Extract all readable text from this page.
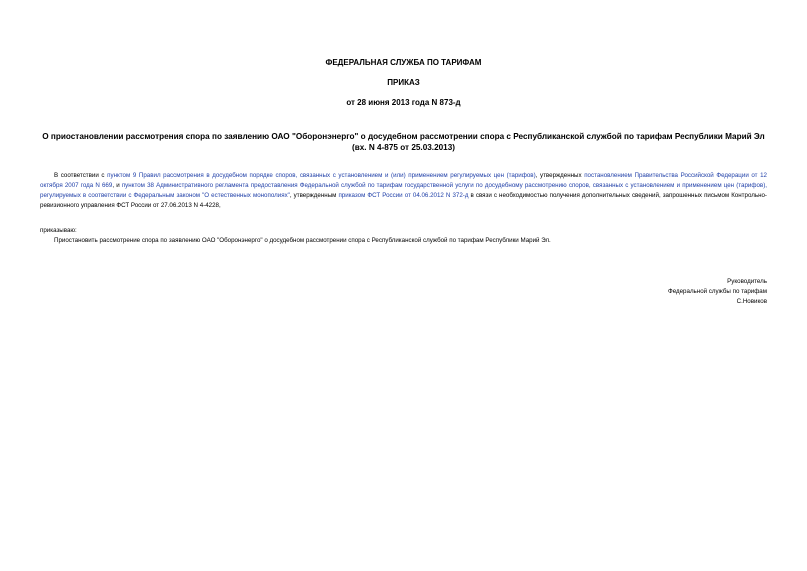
ФЕДЕРАЛЬНАЯ СЛУЖБА ПО ТАРИФАМ
ПРИКАЗ
от 28 июня 2013 года N 873-д
О приостановлении рассмотрения спора по заявлению ОАО "Оборонэнерго" о досудебном рассмотрении спора с Республиканской службой по тарифам Республики Марий Эл (вх. N 4-875 от 25.03.2013)
В соответствии с пунктом 9 Правил рассмотрения в досудебном порядке споров, связанных с установлением и (или) применением регулируемых цен (тарифов), утвержденных постановлением Правительства Российской Федерации от 12 октября 2007 года N 669, и пунктом 38 Административного регламента предоставления Федеральной службой по тарифам государственной услуги по досудебному рассмотрению споров, связанных с установлением и применением цен (тарифов), регулируемых в соответствии с Федеральным законом "О естественных монополиях", утвержденным приказом ФСТ России от 04.06.2012 N 372-д в связи с необходимостью получения дополнительных сведений, запрошенных письмом Контрольно-ревизионного управления ФСТ России от 27.06.2013 N 4-4228,
приказываю:
Приостановить рассмотрение спора по заявлению ОАО "Оборонэнерго" о досудебном рассмотрении спора с Республиканской службой по тарифам Республики Марий Эл.
Руководитель
Федеральной службы по тарифам
С.Новиков
